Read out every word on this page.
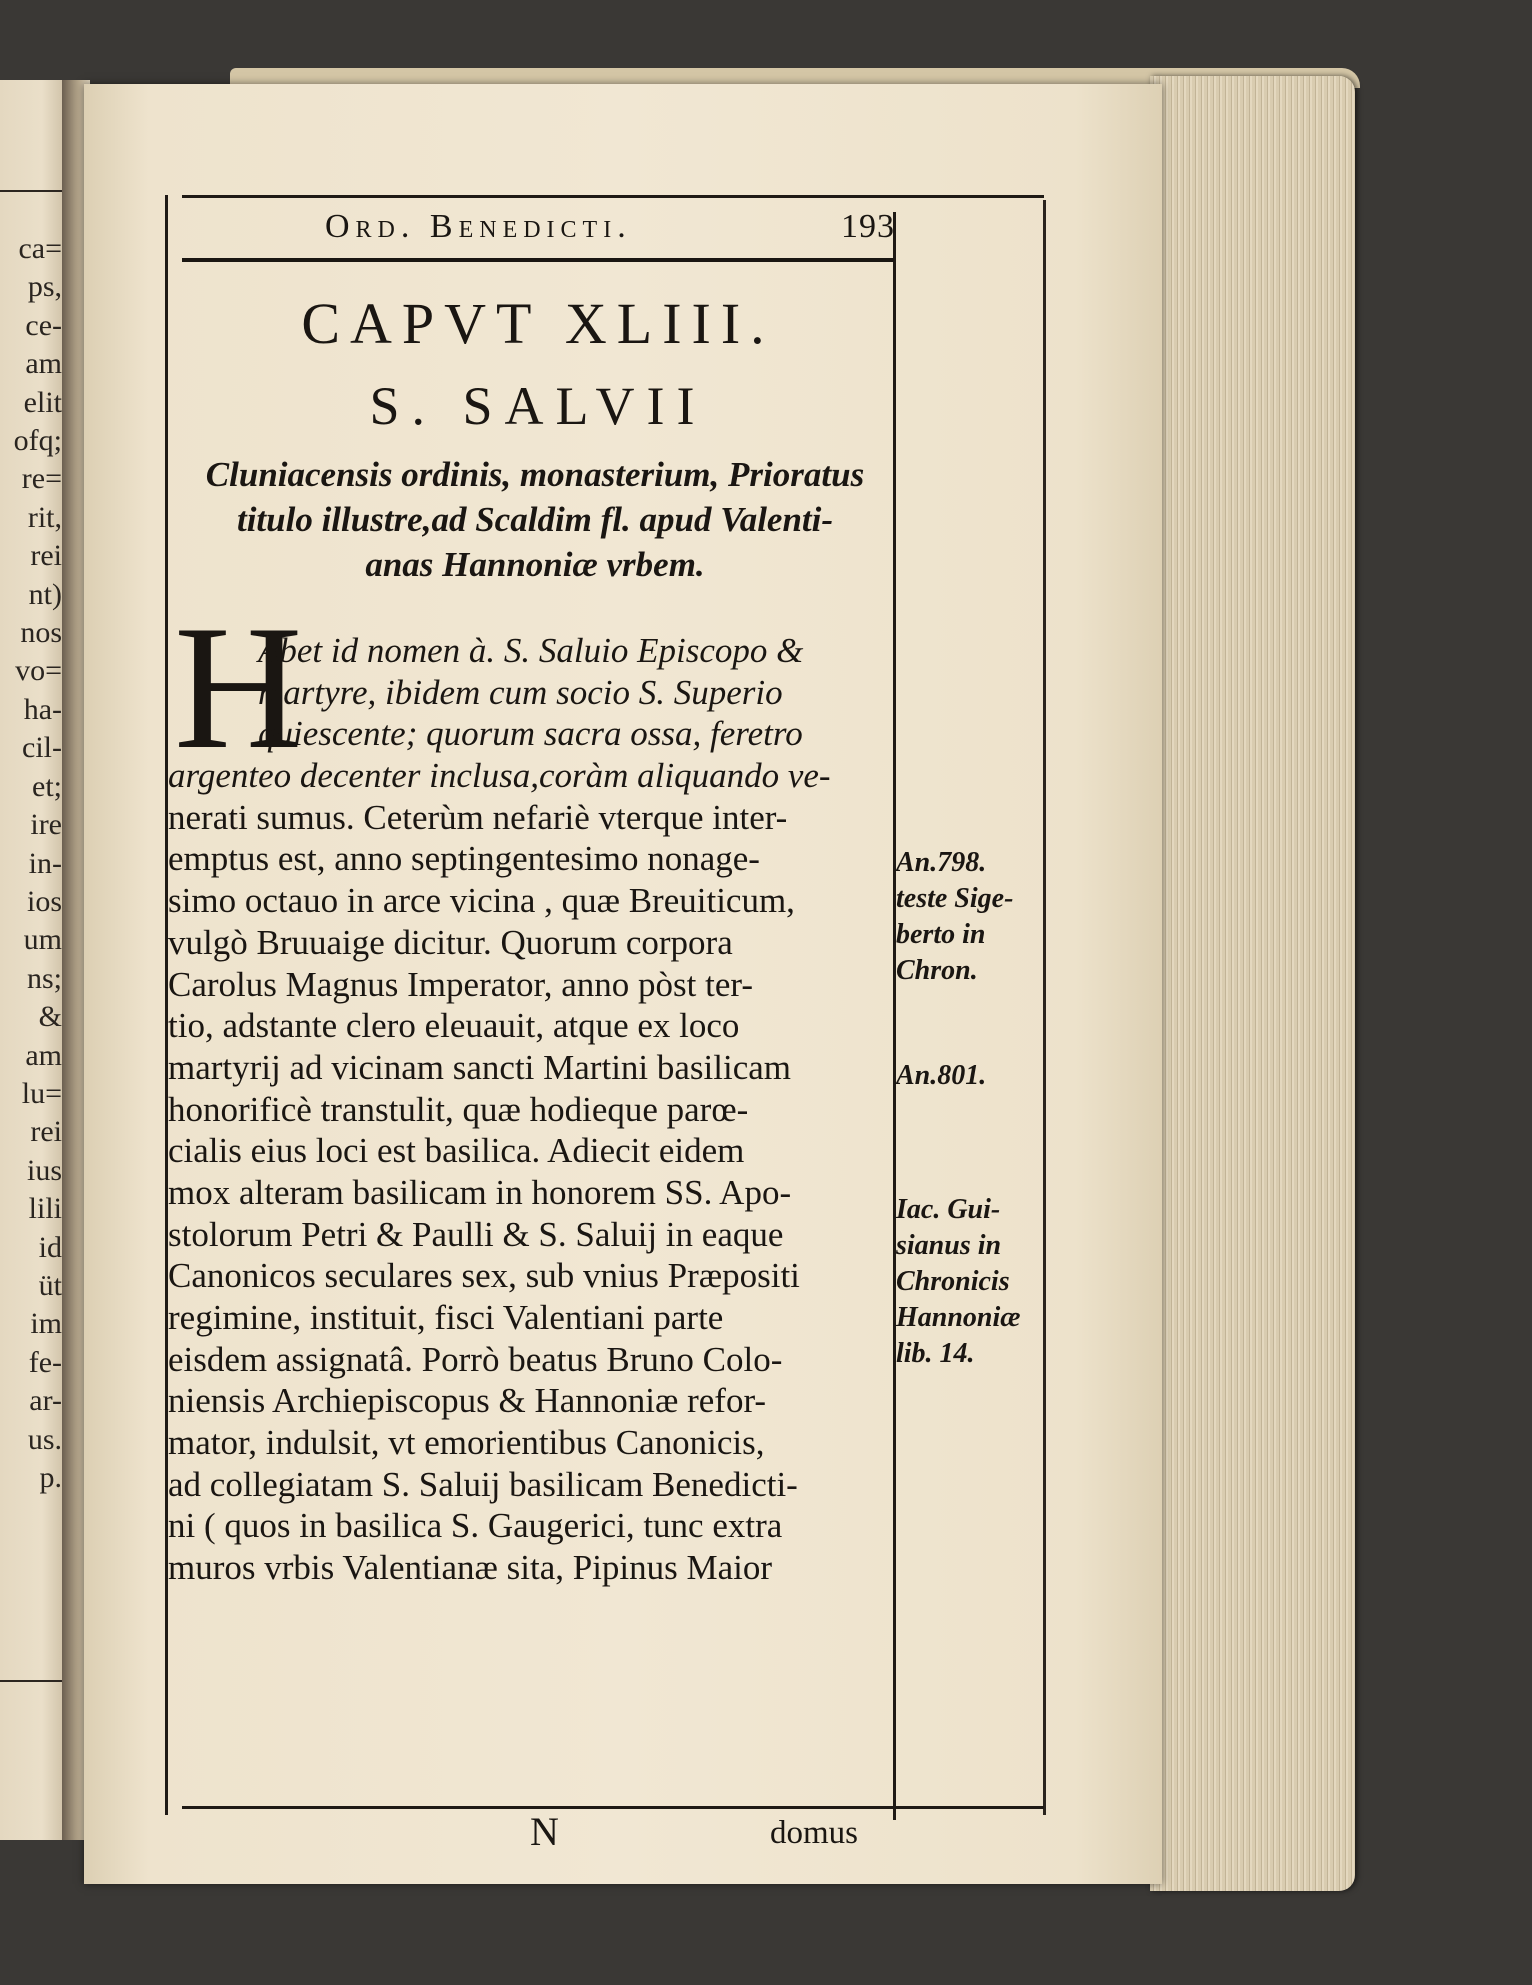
ca=
ps,
ce-
am
elit
ofq;
re=
rit,
rei
nt)
nos
vo=
ha-
cil-
et;
ire
in-
ios
um
ns;
&
am
lu=
rei
ius
lili
id
üt
im
fe-
ar-
us.
p.
Ord. Benedicti.	193
CAPVT XLIII.
S. SALVII
Cluniacensis ordinis, monasterium, Prioratus
titulo illustre,ad Scaldim fl. apud Valenti-
anas Hannoniæ vrbem.
H
Abet id nomen à. S. Saluio Episcopo &
martyre, ibidem cum socio S. Superio
quiescente; quorum sacra ossa, feretro
argenteo decenter inclusa,coràm aliquando ve-
nerati sumus. Ceterùm nefariè vterque inter-
emptus est, anno septingentesimo nonage-
simo octauo in arce vicina , quæ Breuiticum,
vulgò Bruuaige dicitur. Quorum corpora
Carolus Magnus Imperator, anno pòst ter-
tio, adstante clero eleuauit, atque ex loco
martyrij ad vicinam sancti Martini basilicam
honorificè transtulit, quæ hodieque parœ-
cialis eius loci est basilica. Adiecit eidem
mox alteram basilicam in honorem SS. Apo-
stolorum Petri & Paulli & S. Saluij in eaque
Canonicos seculares sex, sub vnius Præpositi
regimine, instituit, fisci Valentiani parte
eisdem assignatâ. Porrò beatus Bruno Colo-
niensis Archiepiscopus & Hannoniæ refor-
mator, indulsit, vt emorientibus Canonicis,
ad collegiatam S. Saluij basilicam Benedicti-
ni ( quos in basilica S. Gaugerici, tunc extra
muros vrbis Valentianæ sita, Pipinus Maior
N	domus
An.798.
teste Sige-
berto in
Chron.
An.801.
Iac. Gui-
sianus in
Chronicis
Hannoniæ
lib. 14.
